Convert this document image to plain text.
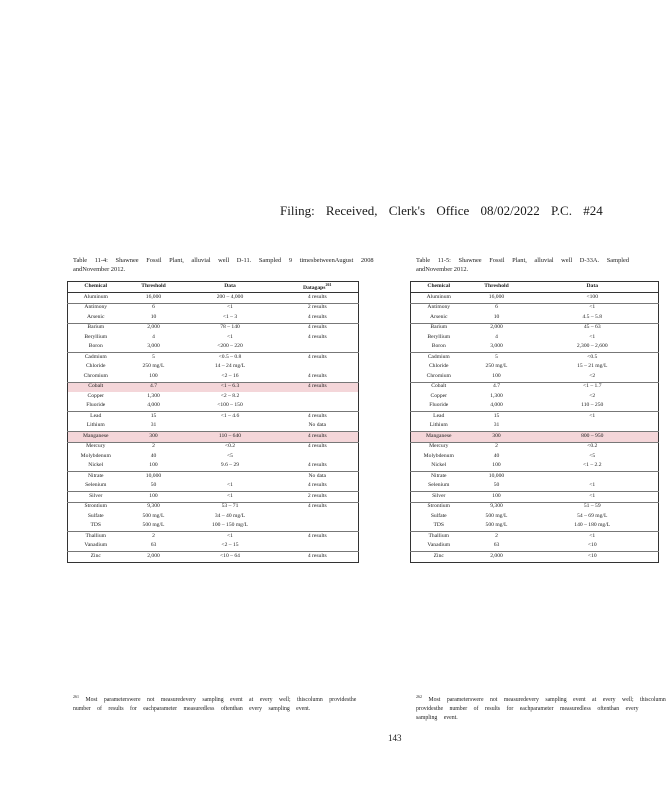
Filing: Received, Clerk's Office 08/02/2022 P.C. #24
Table 11-4: Shawnee Fossil Plant, alluvial well D-11. Sampled 9 timesbetweenAugust 2008
andNovember 2012.
Chemical	Threshold	Data	Datagaps$^{261}$
Aluminum	16,000	200 – 4,000	4 results
Antimony	6	<1	2 results
Arsenic	10	<1 – 3	4 results
Barium	2,000	78 – 140	4 results
Beryllium	4	<1	4 results
Boron	3,000	<200 – 220	
Cadmium	5	<0.5 – 0.8	4 results
Chloride	250 mg/L	14 – 24 mg/L	
Chromium	100	<2 – 16	4 results
Cobalt	4.7	<1 – 6.3	4 results
Copper	1,300	<2 – 8.2	
Fluoride	4,000	<100 – 150	
Lead	15	<1 – 4.6	4 results
Lithium	31		No data
Manganese	300	110 – 640	4 results
Mercury	2	<0.2	4 results
Molybdenum	40	<5	
Nickel	100	9.6 – 29	4 results
Nitrate	10,000		No data
Selenium	50	<1	4 results
Silver	100	<1	2 results
Strontium	9,300	53 – 71	4 results
Sulfate	500 mg/L	34 – 40 mg/L	
TDS	500 mg/L	100 – 150 mg/L	
Thallium	2	<1	4 results
Vanadium	63	<2 – 15	
Zinc	2,000	<10 – 64	4 results
Table 11-5: Shawnee Fossil Plant, alluvial well D-33A. Sampled
andNovember 2012.
Chemical	Threshold	Data
Aluminum	16,000	<100
Antimony	6	<1
Arsenic	10	4.5 – 5.8
Barium	2,000	45 – 63
Beryllium	4	<1
Boron	3,000	2,300 – 2,600
Cadmium	5	<0.5
Chloride	250 mg/L	15 – 21 mg/L
Chromium	100	<2
Cobalt	4.7	<1 – 1.7
Copper	1,300	<2
Fluoride	4,000	110 – 250
Lead	15	<1
Lithium	31	
Manganese	300	800 – 950
Mercury	2	<0.2
Molybdenum	40	<5
Nickel	100	<1 – 2.2
Nitrate	10,000	
Selenium	50	<1
Silver	100	<1
Strontium	9,300	51 – 59
Sulfate	500 mg/L	54 – 69 mg/L
TDS	500 mg/L	140 – 180 mg/L
Thallium	2	<1
Vanadium	63	<10
Zinc	2,000	<10
$^{261}$ Most parameterswere not measuredevery sampling event at every well; thiscolumn providesthe number of results for eachparameter measuredless oftenthan every sampling event.
$^{262}$ Most parameterswere not measuredevery sampling event at every well; thiscolumn providesthe number of results for eachparameter measuredless oftenthan every sampling event.
143
